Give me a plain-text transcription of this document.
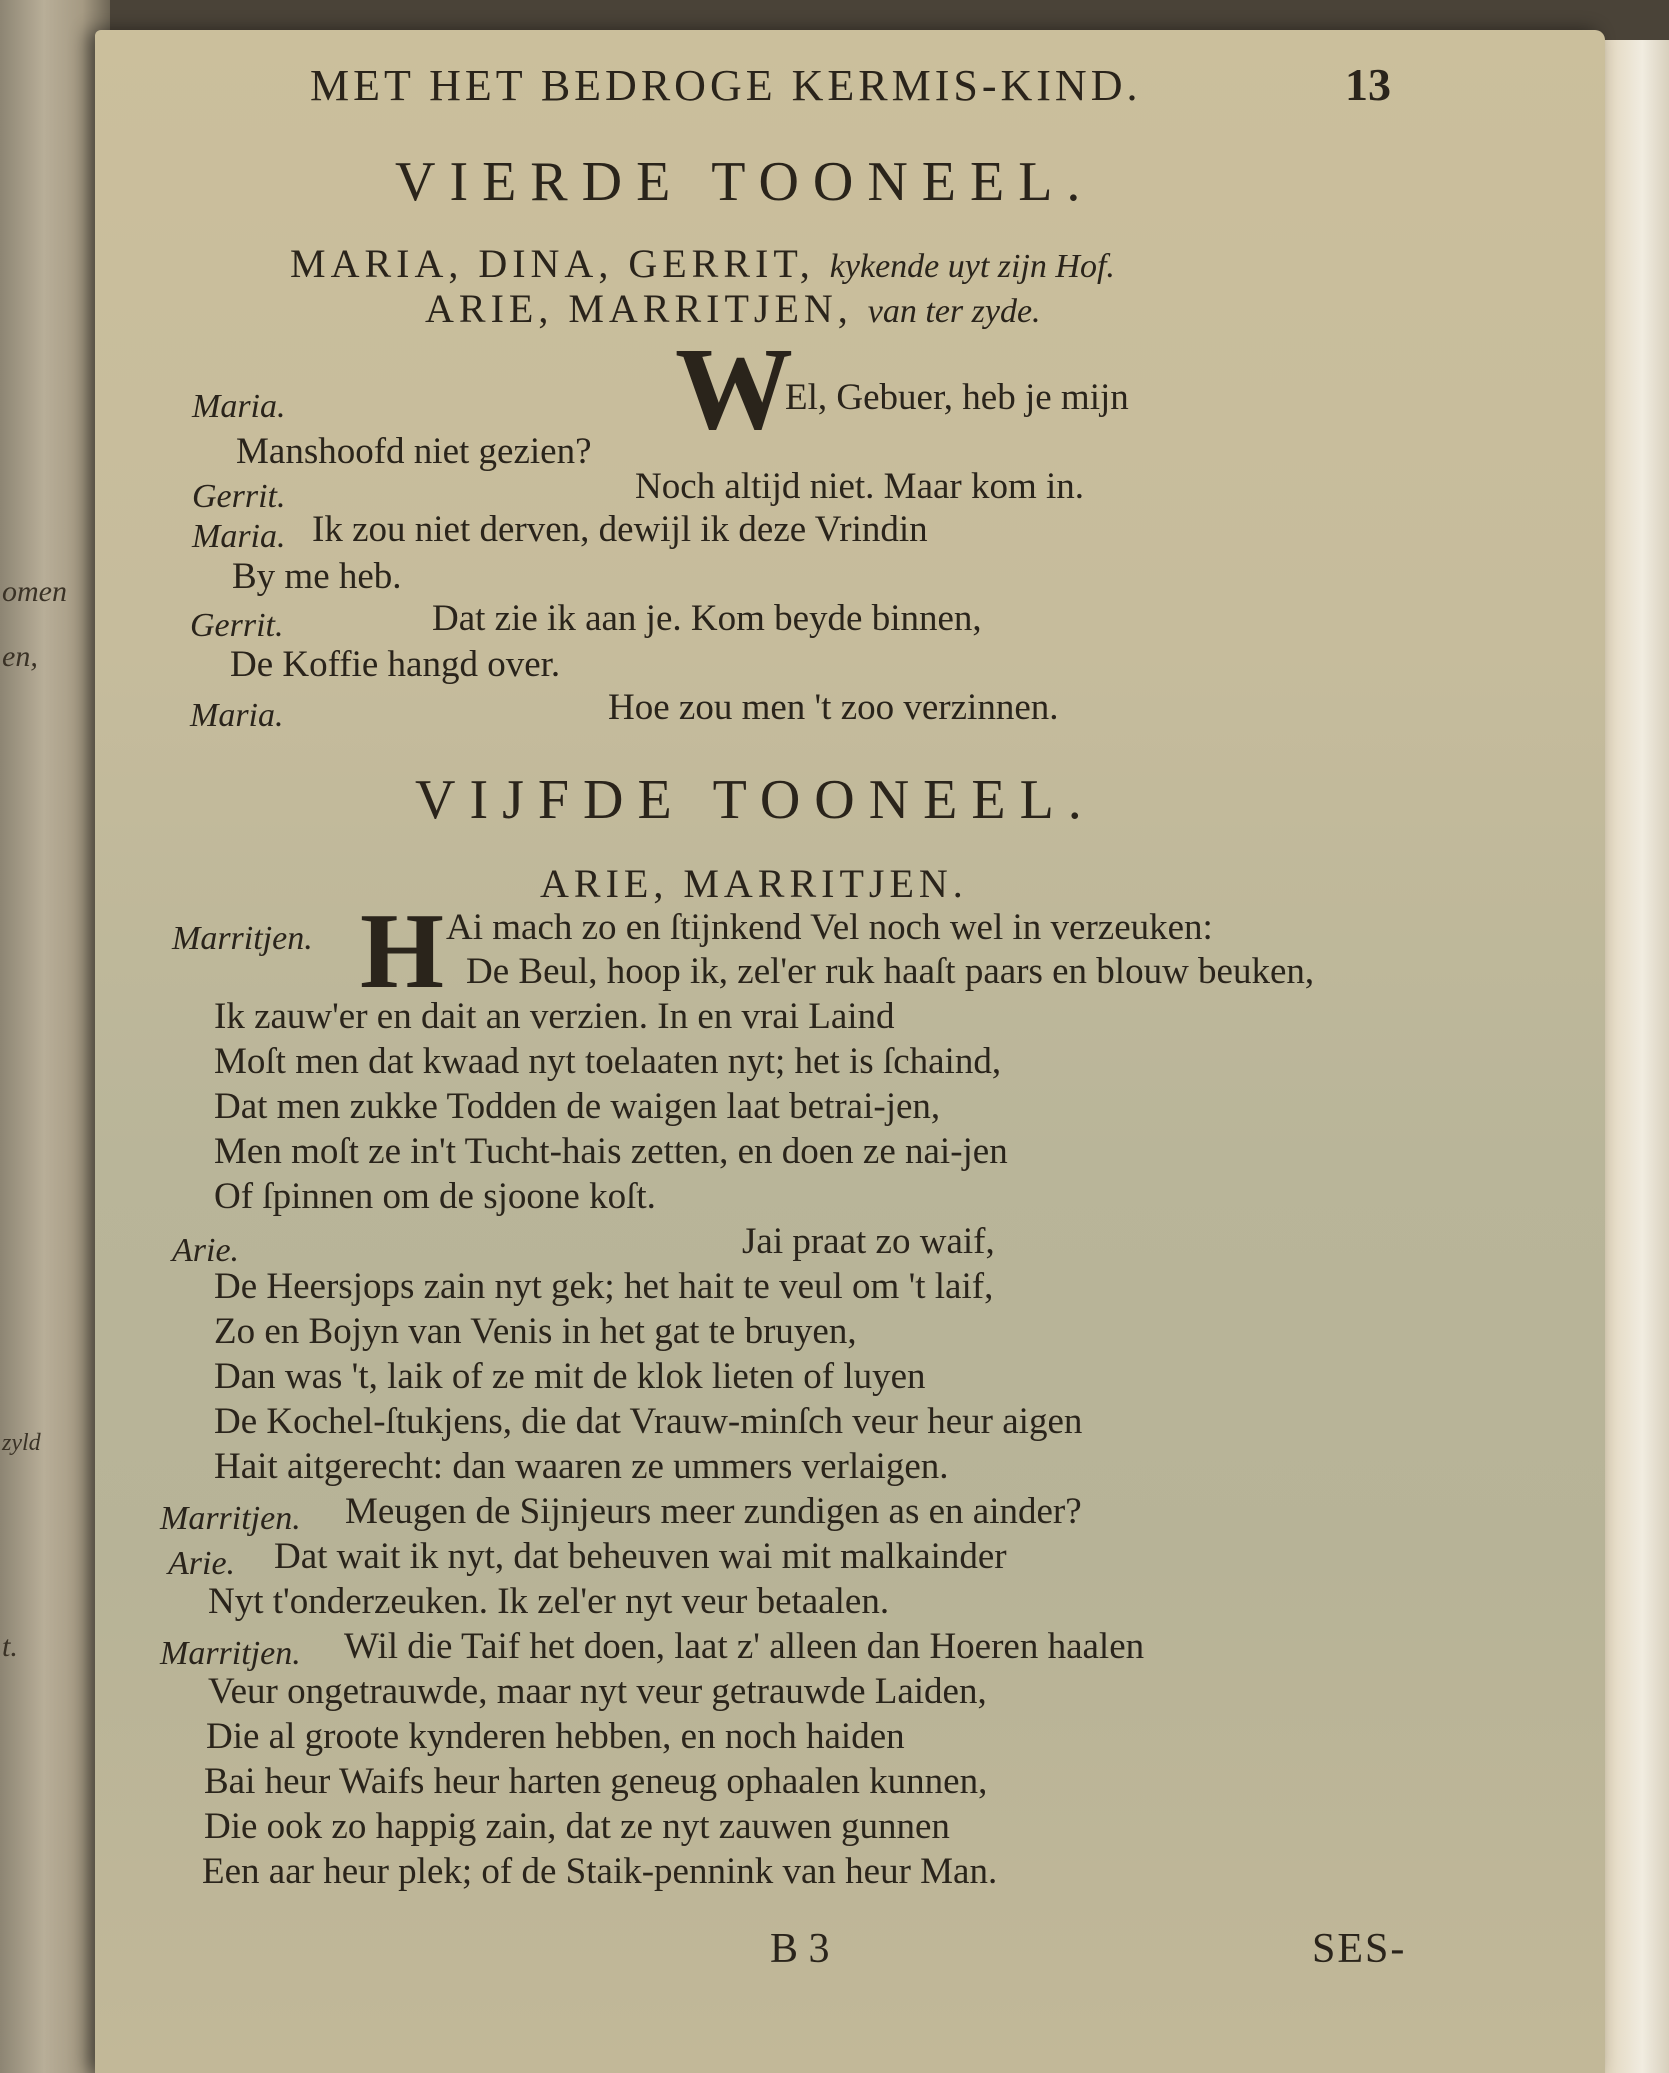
omen
en,
zyld
t.
MET HET BEDROGE KERMIS-KIND.	13
VIERDE TOONEEL.
MARIA, DINA, GERRIT, kykende uyt zijn Hof.
ARIE, MARRITJEN, van ter zyde.
Maria.	W
El, Gebuer, heb je mijn
Manshoofd niet gezien?
Gerrit.	Noch altijd niet. Maar kom in.
Maria. Ik zou niet derven, dewijl ik deze Vrindin
By me heb.
Gerrit.	Dat zie ik aan je. Kom beyde binnen,
De Koffie hangd over.
Maria.	Hoe zou men 't zoo verzinnen.
VIJFDE TOONEEL.
ARIE, MARRITJEN.
Marritjen. H Ai mach zo en ſtijnkend Vel noch wel in verzeuken:
De Beul, hoop ik, zel'er ruk haaſt paars en blouw beuken,
Ik zauw'er en dait an verzien. In en vrai Laind
Moſt men dat kwaad nyt toelaaten nyt; het is ſchaind,
Dat men zukke Todden de waigen laat betrai-jen,
Men moſt ze in't Tucht-hais zetten, en doen ze nai-jen
Of ſpinnen om de sjoone koſt.
Arie.	Jai praat zo waif,
De Heersjops zain nyt gek; het hait te veul om 't laif,
Zo en Bojyn van Venis in het gat te bruyen,
Dan was 't, laik of ze mit de klok lieten of luyen
De Kochel-ſtukjens, die dat Vrauw-minſch veur heur aigen
Hait aitgerecht: dan waaren ze ummers verlaigen.
Marritjen. Meugen de Sijnjeurs meer zundigen as en ainder?
Arie. Dat wait ik nyt, dat beheuven wai mit malkainder
Nyt t'onderzeuken. Ik zel'er nyt veur betaalen.
Marritjen. Wil die Taif het doen, laat z' alleen dan Hoeren haalen
Veur ongetrauwde, maar nyt veur getrauwde Laiden,
Die al groote kynderen hebben, en noch haiden
Bai heur Waifs heur harten geneug ophaalen kunnen,
Die ook zo happig zain, dat ze nyt zauwen gunnen
Een aar heur plek; of de Staik-pennink van heur Man.
B 3	SES-
